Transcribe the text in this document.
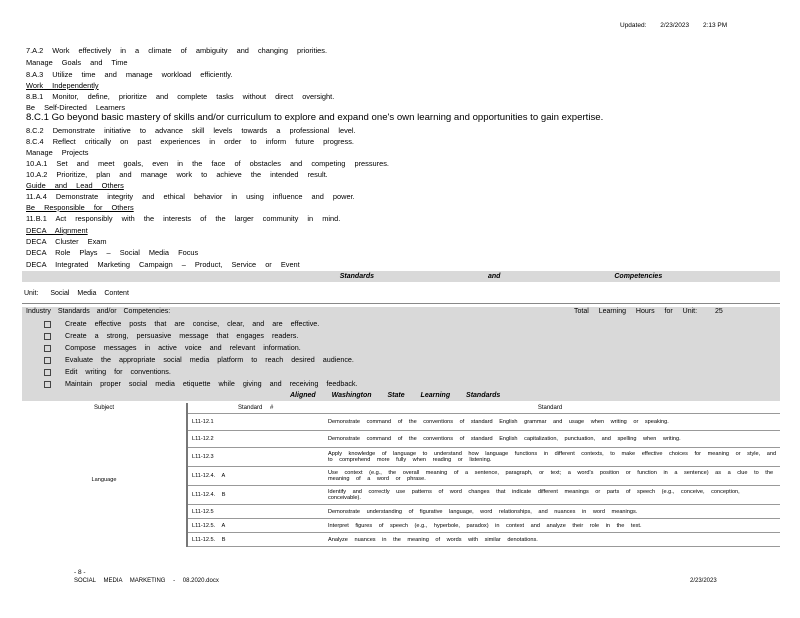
Updated: 2/23/2023 2:13 PM
7.A.2 Work effectively in a climate of ambiguity and changing priorities.
Manage Goals and Time
8.A.3 Utilize time and manage workload efficiently.
Work Independently
8.B.1 Monitor, define, prioritize and complete tasks without direct oversight.
Be Self-Directed Learners
8.C.1 Go beyond basic mastery of skills and/or curriculum to explore and expand one's own learning and opportunities to gain expertise.
8.C.2 Demonstrate initiative to advance skill levels towards a professional level.
8.C.4 Reflect critically on past experiences in order to inform future progress.
Manage Projects
10.A.1 Set and meet goals, even in the face of obstacles and competing pressures.
10.A.2 Prioritize, plan and manage work to achieve the intended result.
Guide and Lead Others
11.A.4 Demonstrate integrity and ethical behavior in using influence and power.
Be Responsible for Others
11.B.1 Act responsibly with the interests of the larger community in mind.
DECA Alignment
DECA Cluster Exam
DECA Role Plays – Social Media Focus
DECA Integrated Marketing Campaign – Product, Service or Event
Standards	and	Competencies
Unit: Social Media Content
Industry Standards and/or Competencies:	Total Learning Hours for Unit:	25
Create effective posts that are concise, clear, and are effective.
Create a strong, persuasive message that engages readers.
Compose messages in active voice and relevant information.
Evaluate the appropriate social media platform to reach desired audience.
Edit writing for conventions.
Maintain proper social media etiquette while giving and receiving feedback.
Aligned Washington State Learning Standards
Subject	Standard #	Standard
Language	L11-12.1	Demonstrate command of the conventions of standard English grammar and usage when writing or speaking.
	L11-12.2	Demonstrate command of the conventions of standard English capitalization, punctuation, and spelling when writing.
	L11-12.3	Apply knowledge of language to understand how language functions in different contexts, to make effective choices for meaning or style, and to comprehend more fully when reading or listening.
	L11-12.4. A	Use context (e.g., the overall meaning of a sentence, paragraph, or text; a word's position or function in a sentence) as a clue to the meaning of a word or phrase.
	L11-12.4. B	Identify and correctly use patterns of word changes that indicate different meanings or parts of speech (e.g., conceive, conception, conceivable).
	L11-12.5	Demonstrate understanding of figurative language, word relationships, and nuances in word meanings.
	L11-12.5. A	Interpret figures of speech (e.g., hyperbole, paradox) in context and analyze their role in the text.
	L11-12.5. B	Analyze nuances in the meaning of words with similar denotations.
- 8 -
SOCIAL MEDIA MARKETING - 08.2020.docx	2/23/2023
